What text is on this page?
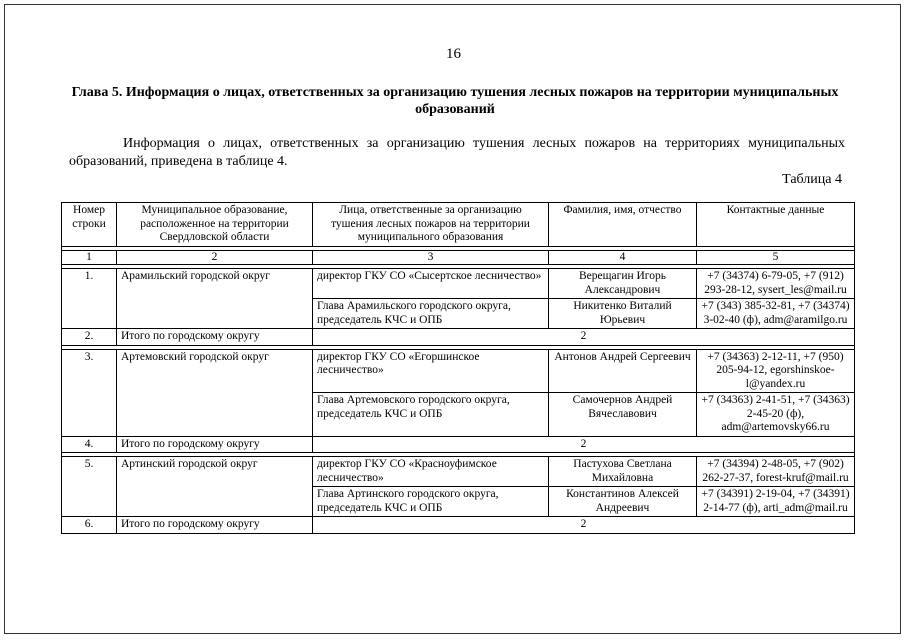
16
Глава 5. Информация о лицах, ответственных за организацию тушения лесных пожаров на территории муниципальных образований
Информация о лицах, ответственных за организацию тушения лесных пожаров на территориях муниципальных образований, приведена в таблице 4.
Таблица 4
Номер строки	Муниципальное образование, расположенное на территории Свердловской области	Лица, ответственные за организацию тушения лесных пожаров на территории муниципального образования	Фамилия, имя, отчество	Контактные данные

1	2	3	4	5

1.	Арамильский городской округ	директор ГКУ СО «Сысертское лесничество»	Верещагин Игорь Александрович	+7 (34374) 6-79-05, +7 (912) 293-28-12, sysert_les@mail.ru
		Глава Арамильского городского округа, председатель КЧС и ОПБ	Никитенко Виталий Юрьевич	+7 (343) 385-32-81, +7 (34374) 3-02-40 (ф), adm@aramilgo.ru
2.	Итого по городскому округу	2		

3.	Артемовский городской округ	директор ГКУ СО «Егоршинское лесничество»	Антонов Андрей Сергеевич	+7 (34363) 2-12-11, +7 (950) 205-94-12, egorshinskoe-l@yandex.ru
		Глава Артемовского городского округа, председатель КЧС и ОПБ	Самочернов Андрей Вячеславович	+7 (34363) 2-41-51, +7 (34363) 2-45-20 (ф), adm@artemovsky66.ru
4.	Итого по городскому округу	2		

5.	Артинский городской округ	директор ГКУ СО «Красноуфимское лесничество»	Пастухова Светлана Михайловна	+7 (34394) 2-48-05, +7 (902) 262-27-37, forest-kruf@mail.ru
		Глава Артинского городского округа, председатель КЧС и ОПБ	Константинов Алексей Андреевич	+7 (34391) 2-19-04, +7 (34391) 2-14-77 (ф), arti_adm@mail.ru
6.	Итого по городскому округу	2		
